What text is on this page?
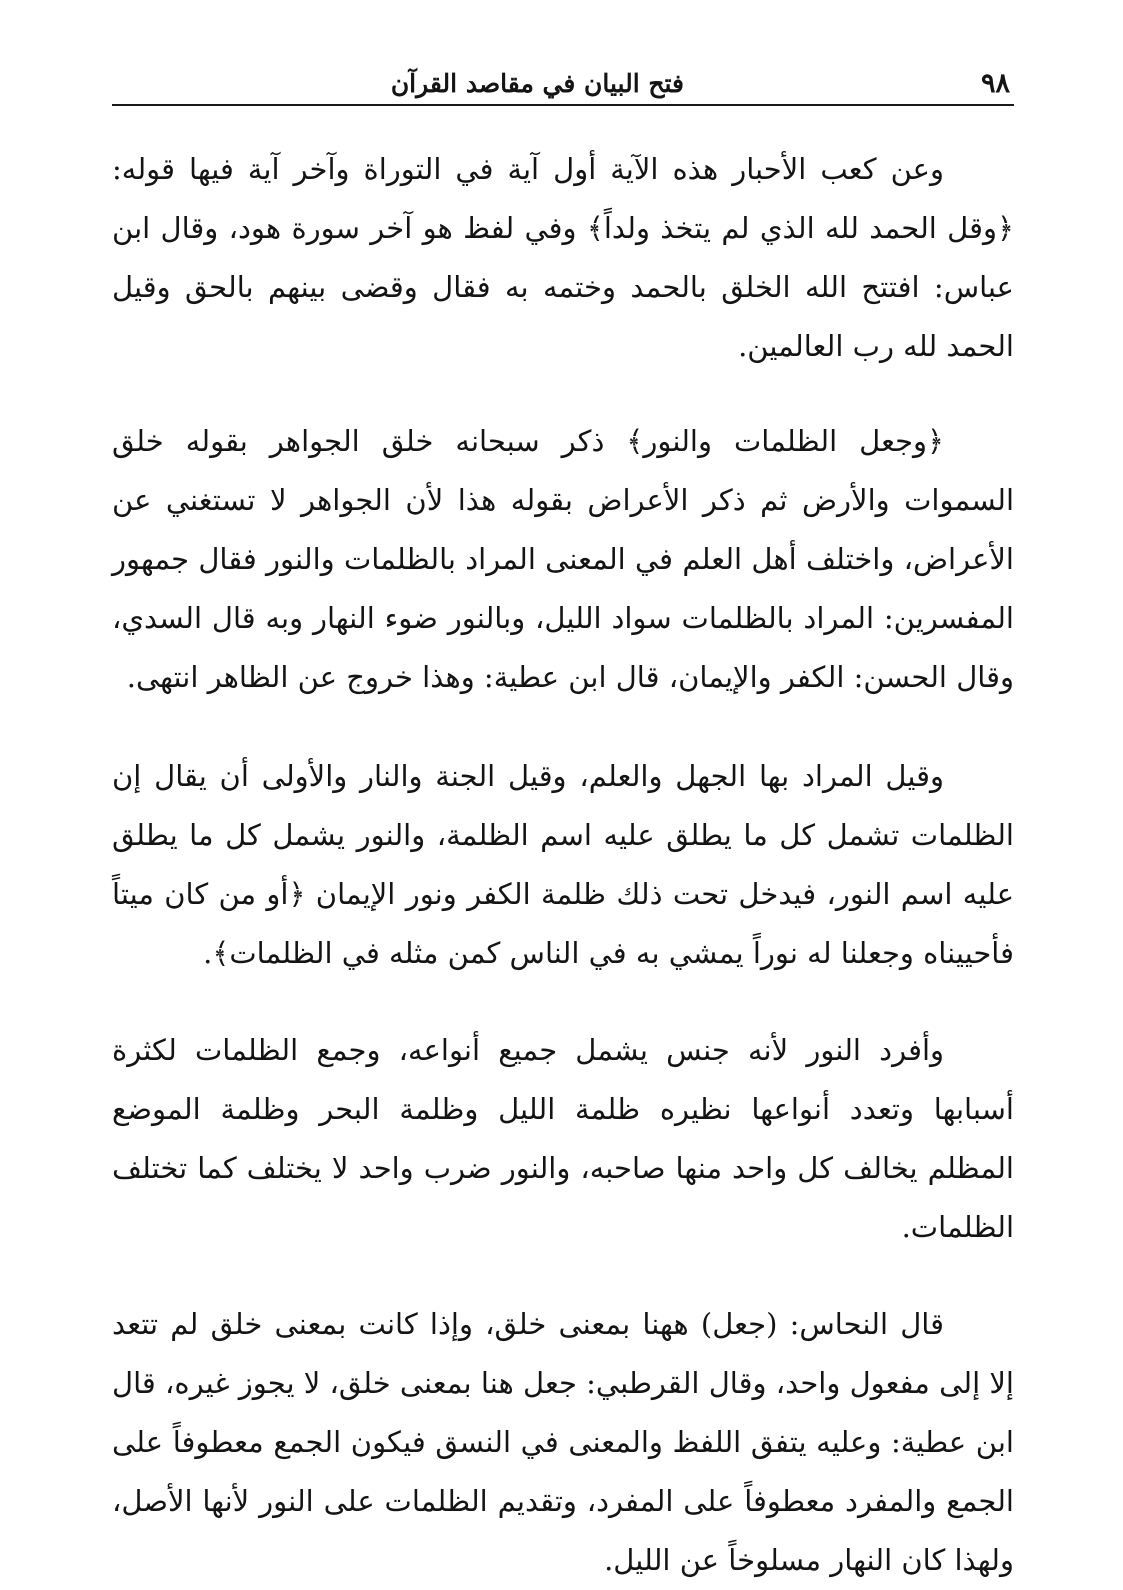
٩٨
فتح البيان في مقاصد القرآن

وعن كعب الأحبار هذه الآية أول آية في التوراة وآخر آية فيها قوله: ﴿وقل الحمد لله الذي لم يتخذ ولداً﴾ وفي لفظ هو آخر سورة هود، وقال ابن عباس: افتتح الله الخلق بالحمد وختمه به فقال وقضى بينهم بالحق وقيل الحمد لله رب العالمين.

﴿وجعل الظلمات والنور﴾ ذكر سبحانه خلق الجواهر بقوله خلق السموات والأرض ثم ذكر الأعراض بقوله هذا لأن الجواهر لا تستغني عن الأعراض، واختلف أهل العلم في المعنى المراد بالظلمات والنور فقال جمهور المفسرين: المراد بالظلمات سواد الليل، وبالنور ضوء النهار وبه قال السدي، وقال الحسن: الكفر والإيمان، قال ابن عطية: وهذا خروج عن الظاهر انتهى.

وقيل المراد بها الجهل والعلم، وقيل الجنة والنار والأولى أن يقال إن الظلمات تشمل كل ما يطلق عليه اسم الظلمة، والنور يشمل كل ما يطلق عليه اسم النور، فيدخل تحت ذلك ظلمة الكفر ونور الإيمان ﴿أو من كان ميتاً فأحييناه وجعلنا له نوراً يمشي به في الناس كمن مثله في الظلمات﴾.

وأفرد النور لأنه جنس يشمل جميع أنواعه، وجمع الظلمات لكثرة أسبابها وتعدد أنواعها نظيره ظلمة الليل وظلمة البحر وظلمة الموضع المظلم يخالف كل واحد منها صاحبه، والنور ضرب واحد لا يختلف كما تختلف الظلمات.

قال النحاس: (جعل) ههنا بمعنى خلق، وإذا كانت بمعنى خلق لم تتعد إلا إلى مفعول واحد، وقال القرطبي: جعل هنا بمعنى خلق، لا يجوز غيره، قال ابن عطية: وعليه يتفق اللفظ والمعنى في النسق فيكون الجمع معطوفاً على الجمع والمفرد معطوفاً على المفرد، وتقديم الظلمات على النور لأنها الأصل، ولهذا كان النهار مسلوخاً عن الليل.
